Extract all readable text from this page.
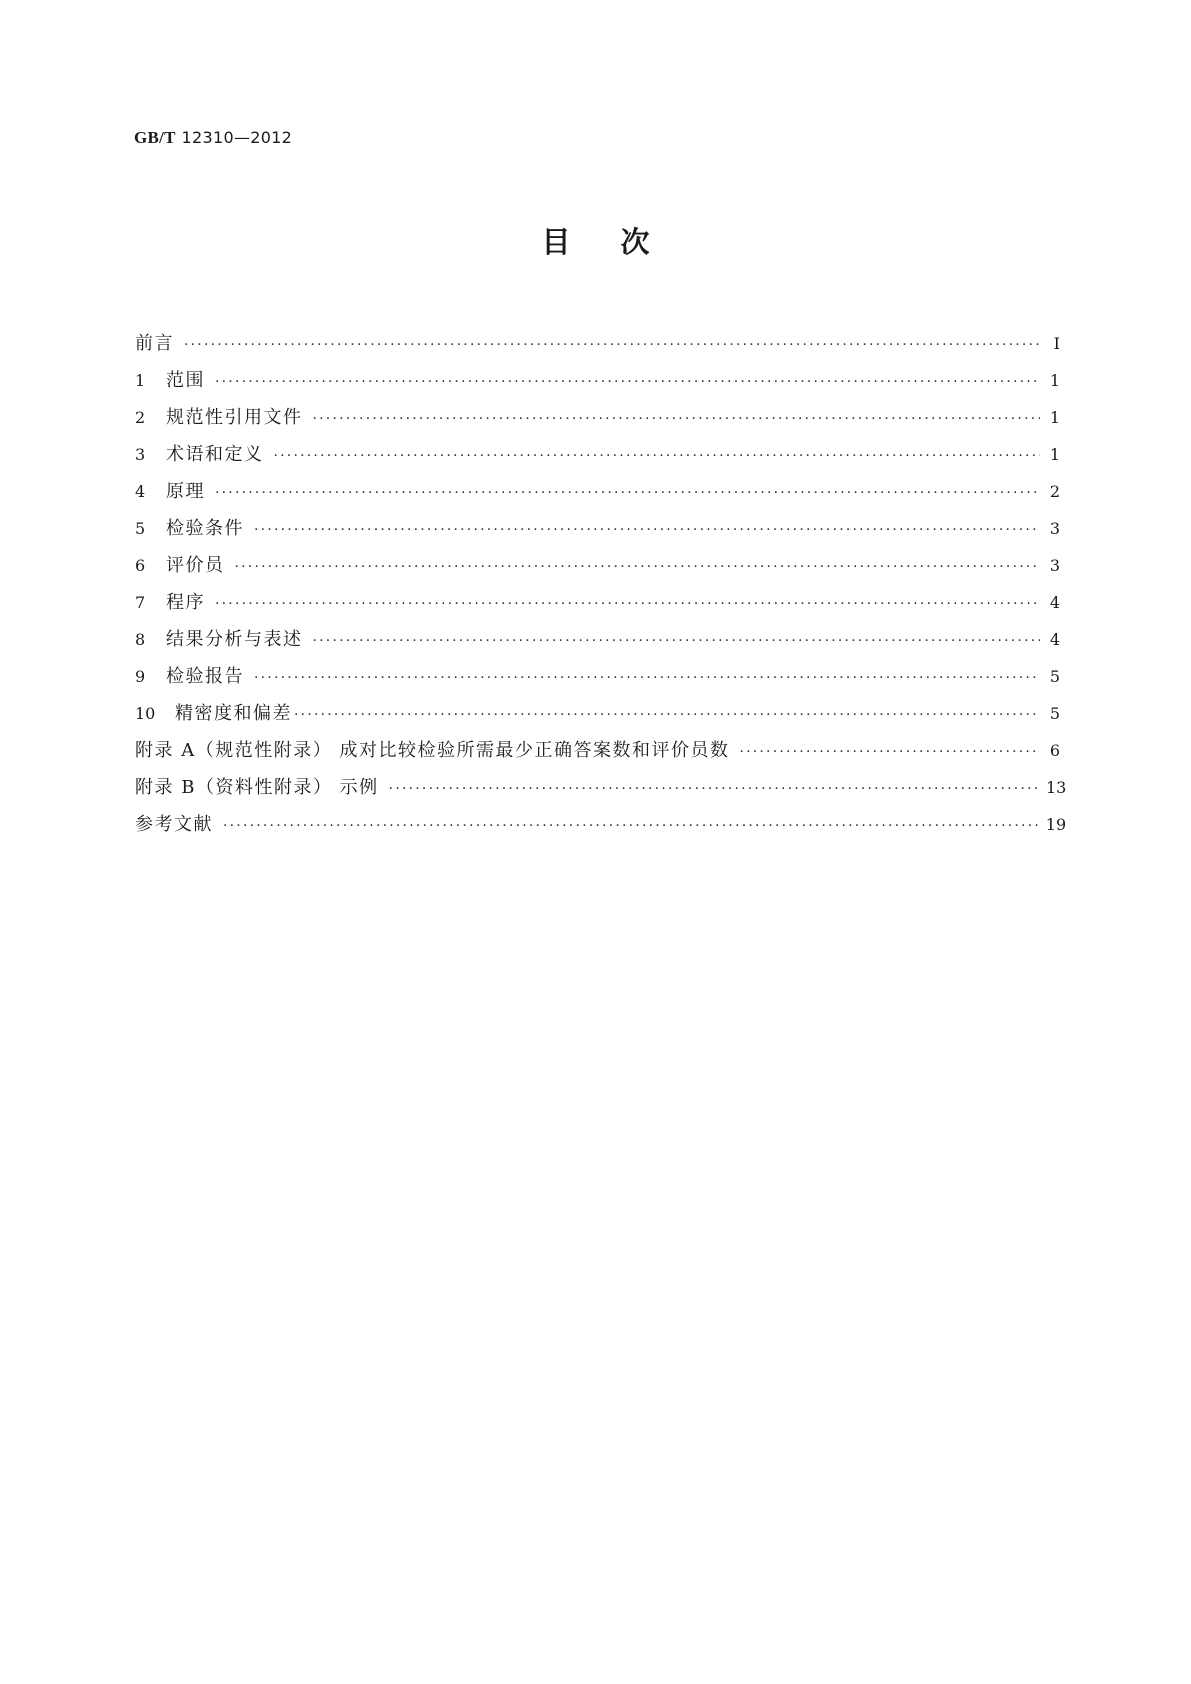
GB/T 12310—2012
目次
前言 ·····	Ⅰ
1	范围 ·····	1
2	规范性引用文件 ·····	1
3	术语和定义 ·····	1
4	原理 ·····	2
5	检验条件 ·····	3
6	评价员 ·····	3
7	程序 ·····	4
8	结果分析与表述 ·····	4
9	检验报告 ·····	5
10	精密度和偏差 ·····	5
附录 A（规范性附录） 成对比较检验所需最少正确答案数和评价员数 ·····	6
附录 B（资料性附录） 示例 ·····	13
参考文献 ·····	19
